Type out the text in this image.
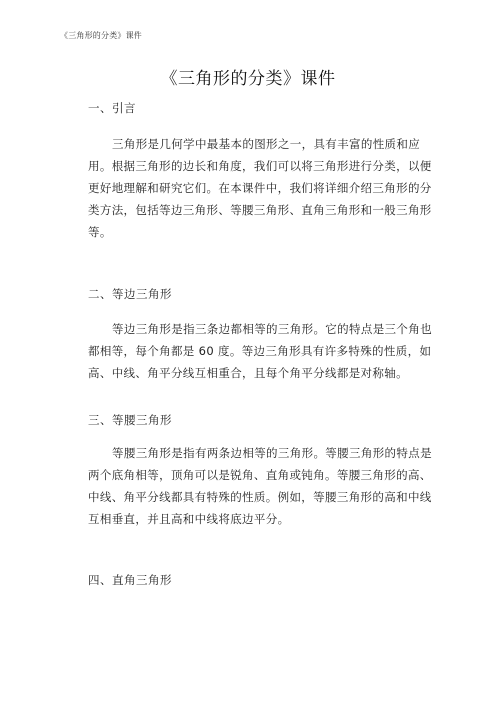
《三角形的分类》课件
《三角形的分类》课件
一、引言
三角形是几何学中最基本的图形之一，具有丰富的性质和应
用。根据三角形的边长和角度，我们可以将三角形进行分类，以便
更好地理解和研究它们。在本课件中，我们将详细介绍三角形的分
类方法，包括等边三角形、等腰三角形、直角三角形和一般三角形
等。
二、等边三角形
等边三角形是指三条边都相等的三角形。它的特点是三个角也
都相等，每个角都是 60 度。等边三角形具有许多特殊的性质，如
高、中线、角平分线互相重合，且每个角平分线都是对称轴。
三、等腰三角形
等腰三角形是指有两条边相等的三角形。等腰三角形的特点是
两个底角相等，顶角可以是锐角、直角或钝角。等腰三角形的高、
中线、角平分线都具有特殊的性质。例如，等腰三角形的高和中线
互相垂直，并且高和中线将底边平分。
四、直角三角形
